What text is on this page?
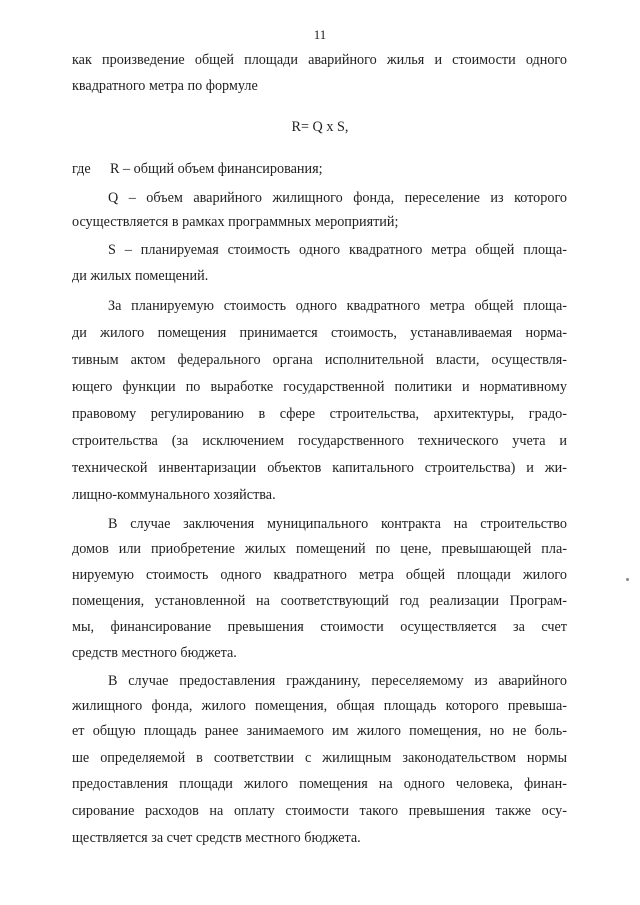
11

как произведение общей площади аварийного жилья и стоимости одного

квадратного метра по формуле

R= Q x S,

где R – общий объем финансирования;

Q – объем аварийного жилищного фонда, переселение из которого

осуществляется в рамках программных мероприятий;

S – планируемая стоимость одного квадратного метра общей площа-

ди жилых помещений.

За планируемую стоимость одного квадратного метра общей площа-

ди жилого помещения принимается стоимость, устанавливаемая норма-

тивным актом федерального органа исполнительной власти, осуществля-

ющего функции по выработке государственной политики и нормативному

правовому регулированию в сфере строительства, архитектуры, градо-

строительства (за исключением государственного технического учета и

технической инвентаризации объектов капитального строительства) и жи-

лищно-коммунального хозяйства.

В случае заключения муниципального контракта на строительство

домов или приобретение жилых помещений по цене, превышающей пла-

нируемую стоимость одного квадратного метра общей площади жилого

помещения, установленной на соответствующий год реализации Програм-

мы, финансирование превышения стоимости осуществляется за счет

средств местного бюджета.

В случае предоставления гражданину, переселяемому из аварийного

жилищного фонда, жилого помещения, общая площадь которого превыша-

ет общую площадь ранее занимаемого им жилого помещения, но не боль-

ше определяемой в соответствии с жилищным законодательством нормы

предоставления площади жилого помещения на одного человека, финан-

сирование расходов на оплату стоимости такого превышения также осу-

ществляется за счет средств местного бюджета.
